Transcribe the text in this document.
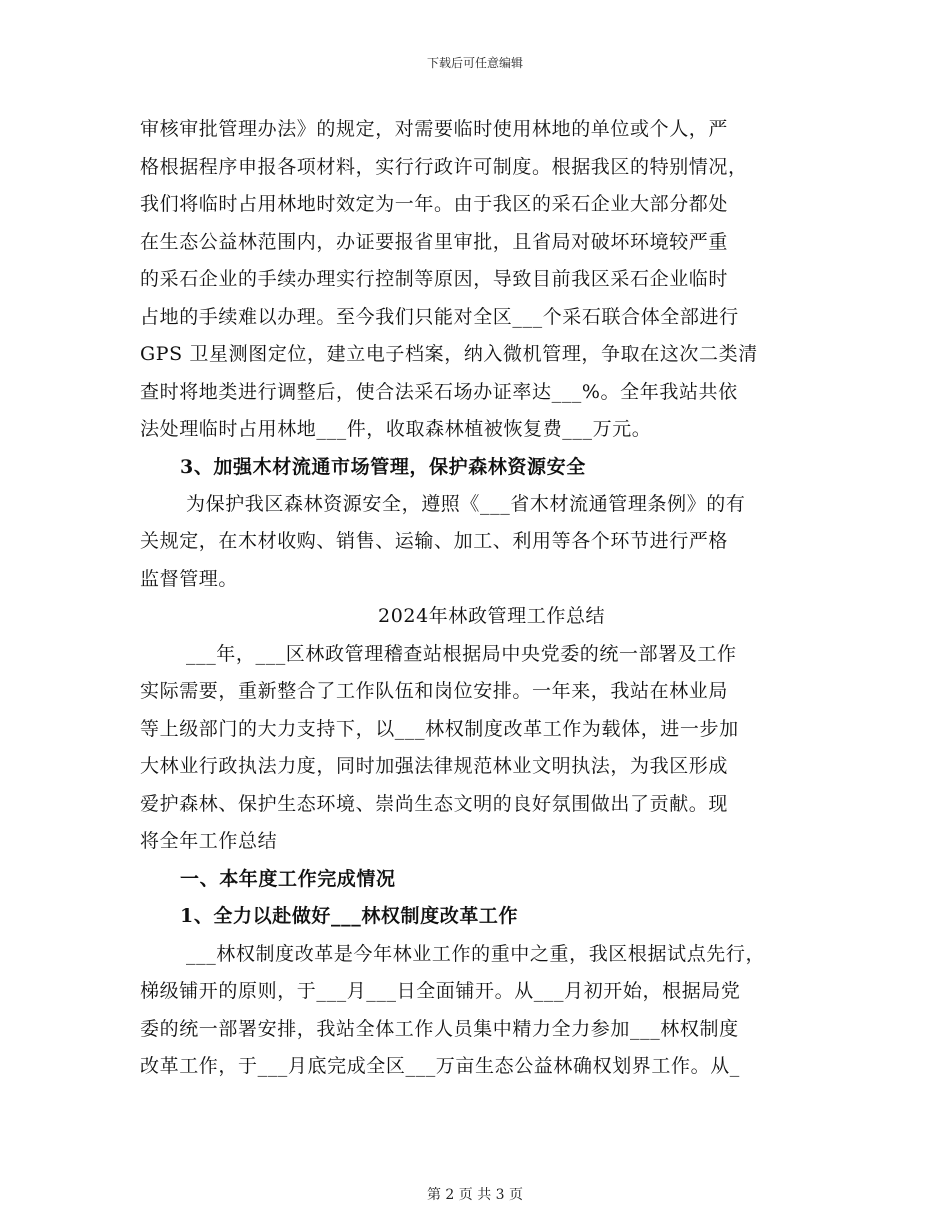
下载后可任意编辑
审核审批管理办法》的规定，对需要临时使用林地的单位或个人，严
格根据程序申报各项材料，实行行政许可制度。根据我区的特别情况，
我们将临时占用林地时效定为一年。由于我区的采石企业大部分都处
在生态公益林范围内，办证要报省里审批，且省局对破坏环境较严重
的采石企业的手续办理实行控制等原因，导致目前我区采石企业临时
占地的手续难以办理。至今我们只能对全区___个采石联合体全部进行
GPS 卫星测图定位，建立电子档案，纳入微机管理，争取在这次二类清
查时将地类进行调整后，使合法采石场办证率达___%。全年我站共依
法处理临时占用林地___件，收取森林植被恢复费___万元。
3、加强木材流通市场管理，保护森林资源安全
为保护我区森林资源安全，遵照《___省木材流通管理条例》的有
关规定，在木材收购、销售、运输、加工、利用等各个环节进行严格
监督管理。
2024年林政管理工作总结
___年，___区林政管理稽查站根据局中央党委的统一部署及工作
实际需要，重新整合了工作队伍和岗位安排。一年来，我站在林业局
等上级部门的大力支持下，以___林权制度改革工作为载体，进一步加
大林业行政执法力度，同时加强法律规范林业文明执法，为我区形成
爱护森林、保护生态环境、崇尚生态文明的良好氛围做出了贡献。现
将全年工作总结
一、本年度工作完成情况
1、全力以赴做好___林权制度改革工作
___林权制度改革是今年林业工作的重中之重，我区根据试点先行，
梯级铺开的原则，于___月___日全面铺开。从___月初开始，根据局党
委的统一部署安排，我站全体工作人员集中精力全力参加___林权制度
改革工作，于___月底完成全区___万亩生态公益林确权划界工作。从_
第 2 页 共 3 页
